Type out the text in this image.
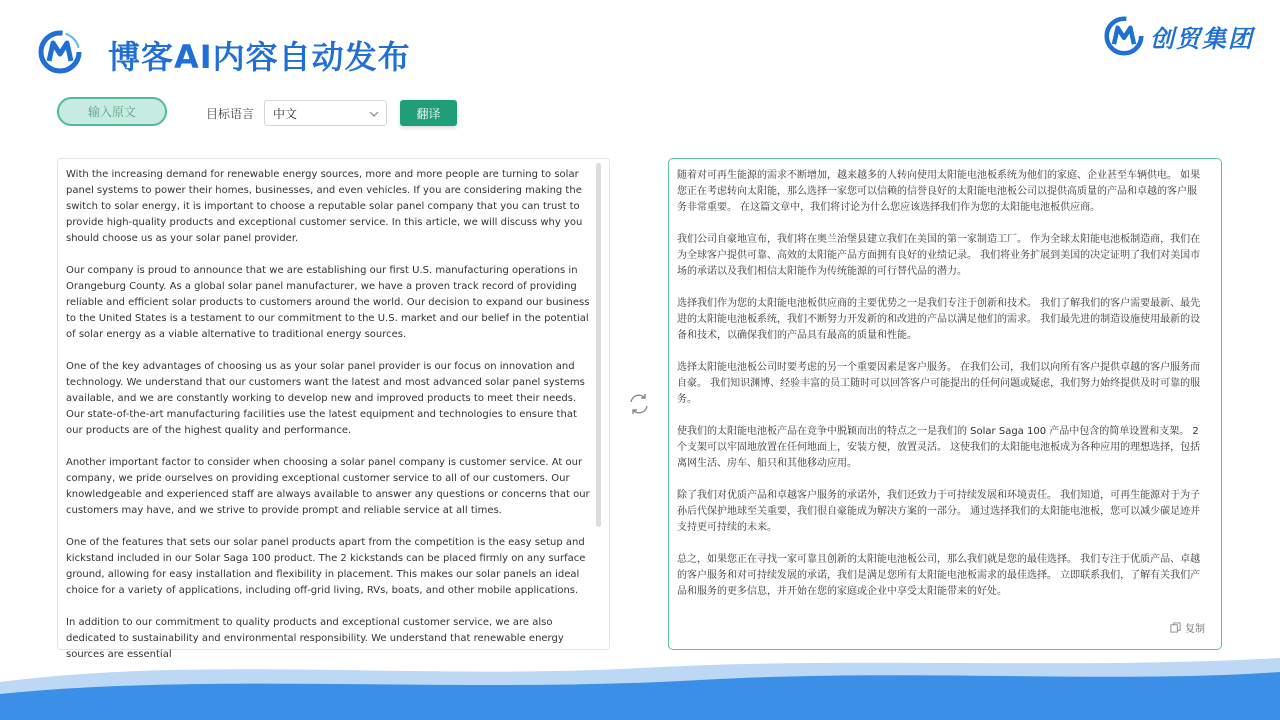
博客AI内容自动发布	创贸集团
输入原文	目标语言 中文	翻译

With the increasing demand for renewable energy sources, more and more people are turning to solar panel systems to power their homes, businesses, and even vehicles. If you are considering making the switch to solar energy, it is important to choose a reputable solar panel company that you can trust to provide high-quality products and exceptional customer service. In this article, we will discuss why you should choose us as your solar panel provider.

Our company is proud to announce that we are establishing our first U.S. manufacturing operations in Orangeburg County. As a global solar panel manufacturer, we have a proven track record of providing reliable and efficient solar products to customers around the world. Our decision to expand our business to the United States is a testament to our commitment to the U.S. market and our belief in the potential of solar energy as a viable alternative to traditional energy sources.

One of the key advantages of choosing us as your solar panel provider is our focus on innovation and technology. We understand that our customers want the latest and most advanced solar panel systems available, and we are constantly working to develop new and improved products to meet their needs. Our state-of-the-art manufacturing facilities use the latest equipment and technologies to ensure that our products are of the highest quality and performance.

Another important factor to consider when choosing a solar panel company is customer service. At our company, we pride ourselves on providing exceptional customer service to all of our customers. Our knowledgeable and experienced staff are always available to answer any questions or concerns that our customers may have, and we strive to provide prompt and reliable service at all times.

One of the features that sets our solar panel products apart from the competition is the easy setup and kickstand included in our Solar Saga 100 product. The 2 kickstands can be placed firmly on any surface ground, allowing for easy installation and flexibility in placement. This makes our solar panels an ideal choice for a variety of applications, including off-grid living, RVs, boats, and other mobile applications.

In addition to our commitment to quality products and exceptional customer service, we are also dedicated to sustainability and environmental responsibility. We understand that renewable energy sources are essential

随着对可再生能源的需求不断增加，越来越多的人转向使用太阳能电池板系统为他们的家庭、企业甚至车辆供电。 如果您正在考虑转向太阳能，那么选择一家您可以信赖的信誉良好的太阳能电池板公司以提供高质量的产品和卓越的客户服务非常重要。 在这篇文章中，我们将讨论为什么您应该选择我们作为您的太阳能电池板供应商。

我们公司自豪地宣布，我们将在奥兰治堡县建立我们在美国的第一家制造工厂。 作为全球太阳能电池板制造商，我们在为全球客户提供可靠、高效的太阳能产品方面拥有良好的业绩记录。 我们将业务扩展到美国的决定证明了我们对美国市场的承诺以及我们相信太阳能作为传统能源的可行替代品的潜力。

选择我们作为您的太阳能电池板供应商的主要优势之一是我们专注于创新和技术。 我们了解我们的客户需要最新、最先进的太阳能电池板系统，我们不断努力开发新的和改进的产品以满足他们的需求。 我们最先进的制造设施使用最新的设备和技术，以确保我们的产品具有最高的质量和性能。

选择太阳能电池板公司时要考虑的另一个重要因素是客户服务。 在我们公司，我们以向所有客户提供卓越的客户服务而自豪。 我们知识渊博、经验丰富的员工随时可以回答客户可能提出的任何问题或疑虑，我们努力始终提供及时可靠的服务。

使我们的太阳能电池板产品在竞争中脱颖而出的特点之一是我们的 Solar Saga 100 产品中包含的简单设置和支架。 2 个支架可以牢固地放置在任何地面上，安装方便，放置灵活。 这使我们的太阳能电池板成为各种应用的理想选择，包括离网生活、房车、船只和其他移动应用。

除了我们对优质产品和卓越客户服务的承诺外，我们还致力于可持续发展和环境责任。 我们知道，可再生能源对于为子孙后代保护地球至关重要，我们很自豪能成为解决方案的一部分。 通过选择我们的太阳能电池板，您可以减少碳足迹并支持更可持续的未来。

总之，如果您正在寻找一家可靠且创新的太阳能电池板公司，那么我们就是您的最佳选择。 我们专注于优质产品、卓越的客户服务和对可持续发展的承诺，我们是满足您所有太阳能电池板需求的最佳选择。 立即联系我们，了解有关我们产品和服务的更多信息，并开始在您的家庭或企业中享受太阳能带来的好处。

复制
